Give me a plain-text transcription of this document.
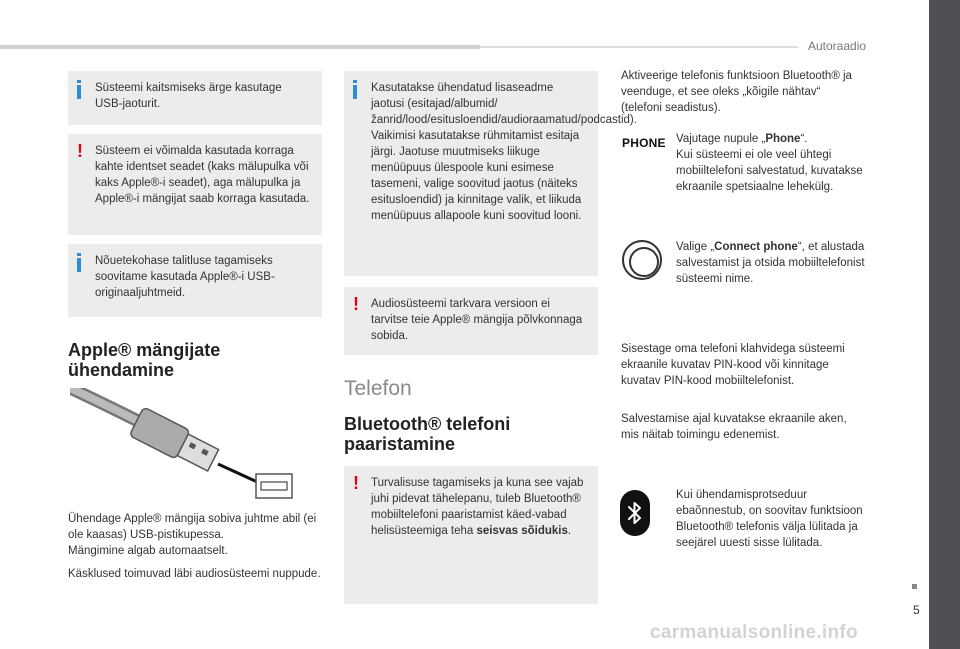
Autoraadio
5
carmanualsonline.info
Süsteemi kaitsmiseks ärge kasutage USB-jaoturit.
! Süsteem ei võimalda kasutada korraga kahte identset seadet (kaks mälupulka või kaks Apple®-i seadet), aga mälupulka ja Apple®-i mängijat saab korraga kasutada.
Nõuetekohase talitluse tagamiseks soovitame kasutada Apple®-i USB-originaaljuhtmeid.
Apple® mängijate ühendamine
Ühendage Apple® mängija sobiva juhtme abil (ei ole kaasas) USB-pistikupessa.
Mängimine algab automaatselt.
Käsklused toimuvad läbi audiosüsteemi nuppude.
Kasutatakse ühendatud lisaseadme jaotusi (esitajad/albumid/žanrid/lood/esitusloendid/audioraamatud/podcastid). Vaikimisi kasutatakse rühmitamist esitaja järgi. Jaotuse muutmiseks liikuge menüüpuus ülespoole kuni esimese tasemeni, valige soovitud jaotus (näiteks esitusloendid) ja kinnitage valik, et liikuda menüüpuus allapoole kuni soovitud looni.
! Audiosüsteemi tarkvara versioon ei tarvitse teie Apple® mängija põlvkonnaga sobida.
Telefon
Bluetooth® telefoni paaristamine
! Turvalisuse tagamiseks ja kuna see vajab juhi pidevat tähelepanu, tuleb Bluetooth® mobiiltelefoni paaristamist käed-vabad helisüsteemiga teha seisvas sõidukis.
Aktiveerige telefonis funktsioon Bluetooth® ja veenduge, et see oleks „kõigile nähtav“ (telefoni seadistus).
PHONE Vajutage nupule „Phone“.
Kui süsteemi ei ole veel ühtegi mobiiltelefoni salvestatud, kuvatakse ekraanile spetsiaalne lehekülg.
Valige „Connect phone“, et alustada salvestamist ja otsida mobiiltelefonist süsteemi nime.
Sisestage oma telefoni klahvidega süsteemi ekraanile kuvatav PIN-kood või kinnitage kuvatav PIN-kood mobiiltelefonist.
Salvestamise ajal kuvatakse ekraanile aken, mis näitab toimingu edenemist.
Kui ühendamisprotseduur ebaõnnestub, on soovitav funktsioon Bluetooth® telefonis välja lülitada ja seejärel uuesti sisse lülitada.
